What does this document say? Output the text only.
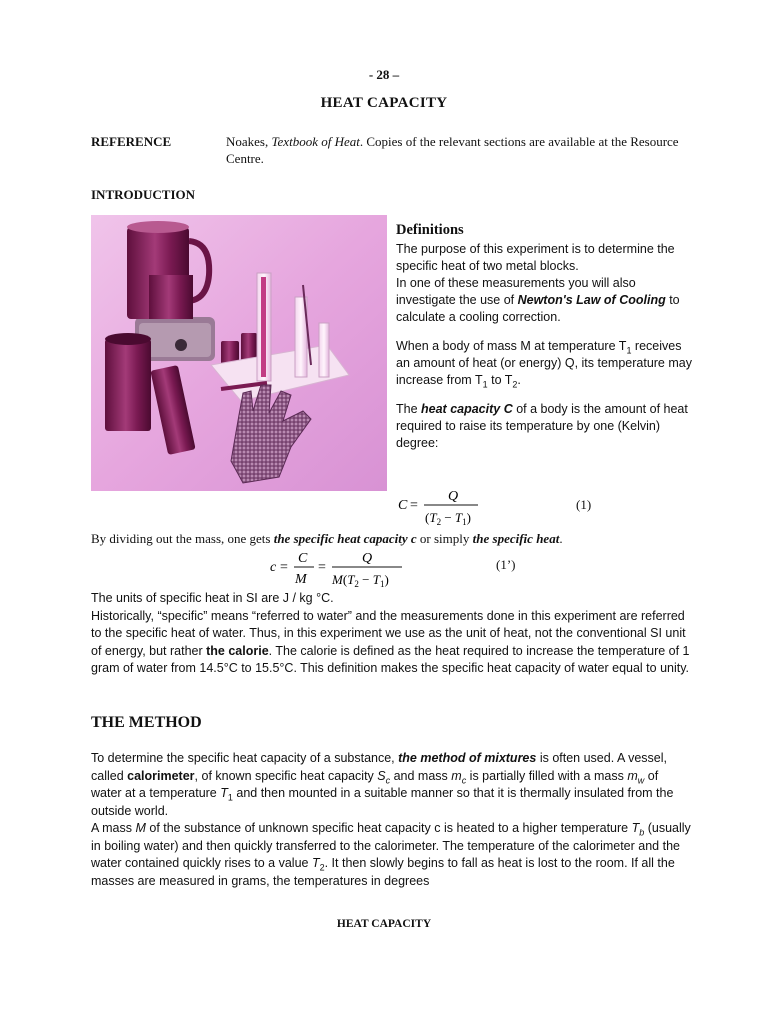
- 28 –
HEAT CAPACITY
REFERENCE	Noakes, Textbook of Heat. Copies of the relevant sections are available at the Resource Centre.
INTRODUCTION
Definitions

The purpose of this experiment is to determine the specific heat of two metal blocks.

In one of these measurements you will also investigate the use of Newton's Law of Cooling to calculate a cooling correction.

When a body of mass M at temperature $T_1$ receives an amount of heat (or energy) Q, its temperature may increase from $T_1$ to $T_2$.

The heat capacity C of a body is the amount of heat required to raise its temperature by one (Kelvin) degree:

C =
Q
$(T_2 - T_1)$
(1)
By dividing out the mass, one gets the specific heat capacity c or simply the specific heat.
c =
C
M
=
Q
$M(T_2 - T_1)$
(1’)

The units of specific heat in SI are J / kg °C.

Historically, “specific” means “referred to water” and the measurements done in this experiment are referred to the specific heat of water. Thus, in this experiment we use as the unit of heat, not the conventional SI unit of energy, but rather the calorie. The calorie is defined as the heat required to increase the temperature of 1 gram of water from 14.5°C to 15.5°C. This definition makes the specific heat capacity of water equal to unity.

THE METHOD

To determine the specific heat capacity of a substance, the method of mixtures is often used. A vessel, called calorimeter, of known specific heat capacity $S_c$ and mass $m_c$ is partially filled with a mass $m_w$ of water at a temperature $T_1$ and then mounted in a suitable manner so that it is thermally insulated from the outside world.

A mass M of the substance of unknown specific heat capacity c is heated to a higher temperature $T_b$ (usually in boiling water) and then quickly transferred to the calorimeter. The temperature of the calorimeter and the water contained quickly rises to a value $T_2$. It then slowly begins to fall as heat is lost to the room. If all the masses are measured in grams, the temperatures in degrees

HEAT CAPACITY
